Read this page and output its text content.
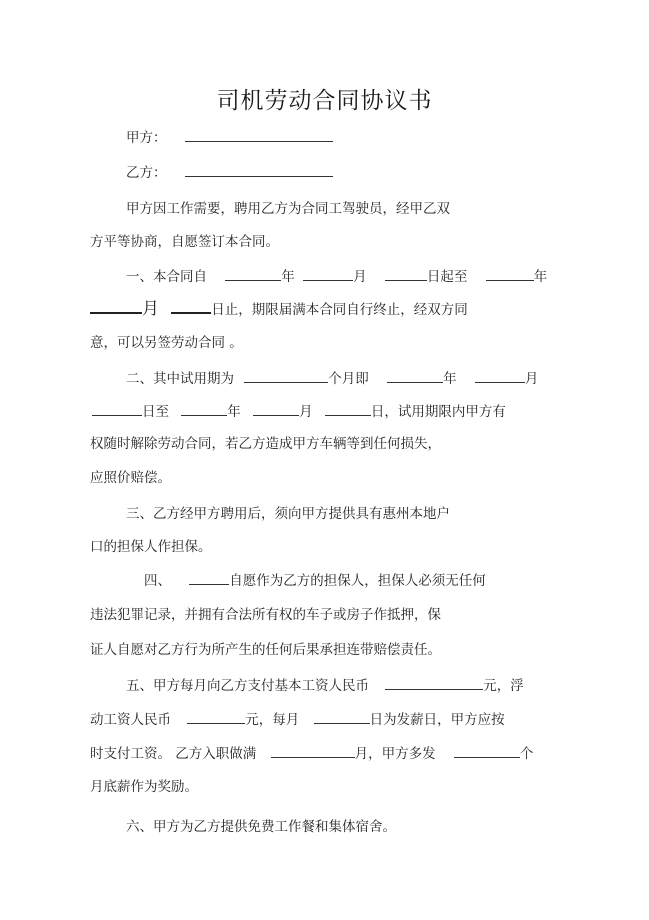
司机劳动合同协议书
甲方：
乙方：
甲方因工作需要，聘用乙方为合同工驾驶员，经甲乙双
方平等协商，自愿签订本合同。
一、本合同自	年	月	日起至	年
月	日止，期限届满本合同自行终止，经双方同
意，可以另签劳动合同 。
二、其中试用期为	个月即	年	月
日至	年	月	日，试用期限内甲方有
权随时解除劳动合同，若乙方造成甲方车辆等到任何损失，
应照价赔偿。
三、乙方经甲方聘用后，须向甲方提供具有惠州本地户
口的担保人作担保。
四、	自愿作为乙方的担保人，担保人必须无任何
违法犯罪记录，并拥有合法所有权的车子或房子作抵押，保
证人自愿对乙方行为所产生的任何后果承担连带赔偿责任。
五、甲方每月向乙方支付基本工资人民币	元，浮
动工资人民币	元，每月	日为发薪日，甲方应按
时支付工资。 乙方入职做满	月，甲方多发	个
月底薪作为奖励。
六、甲方为乙方提供免费工作餐和集体宿舍。
